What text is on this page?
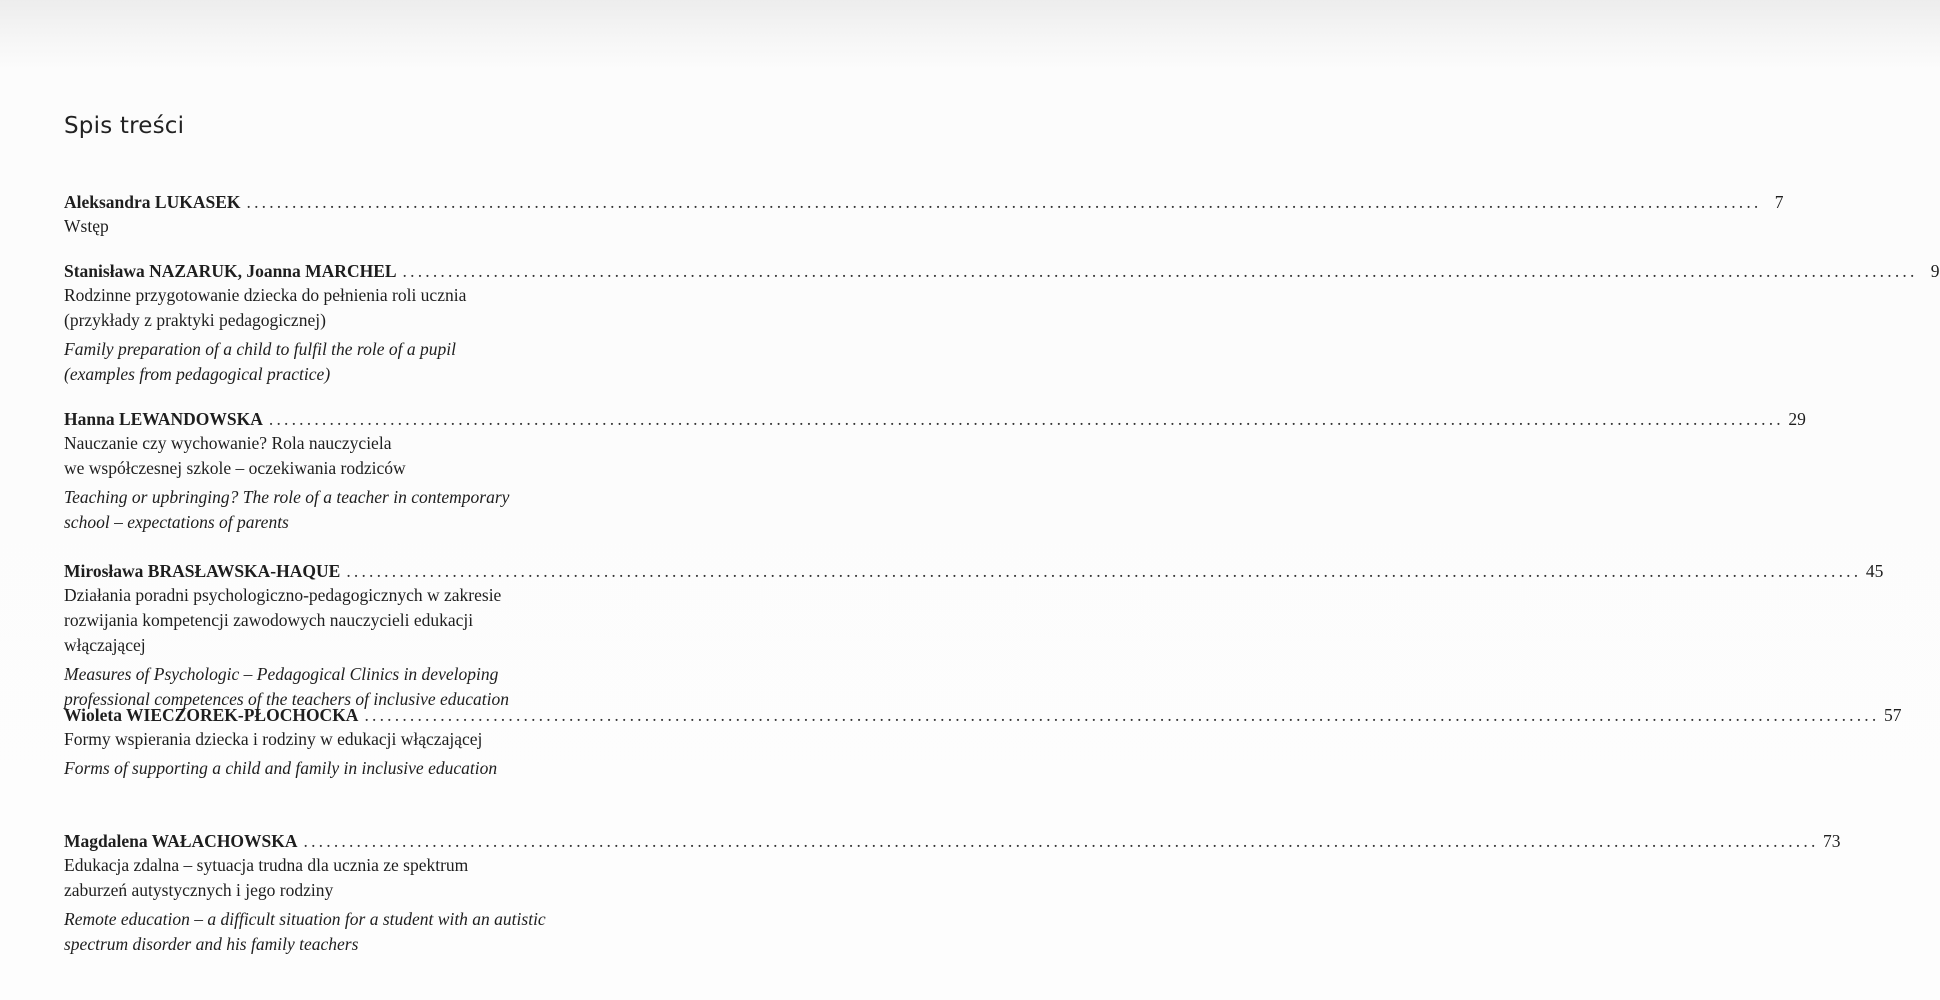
Spis treści
Aleksandra LUKASEK ........................................................................................................................................................................................................ 7
Wstęp
Stanisława NAZARUK, Joanna MARCHEL ........................................................................................................................................................................................................ 9
Rodzinne przygotowanie dziecka do pełnienia roli ucznia
(przykłady z praktyki pedagogicznej)
Family preparation of a child to fulfil the role of a pupil
(examples from pedagogical practice)
Hanna LEWANDOWSKA ........................................................................................................................................................................................................ 29
Nauczanie czy wychowanie? Rola nauczyciela
we współczesnej szkole – oczekiwania rodziców
Teaching or upbringing? The role of a teacher in contemporary
school – expectations of parents
Mirosława BRASŁAWSKA-HAQUE ........................................................................................................................................................................................................ 45
Działania poradni psychologiczno-pedagogicznych w zakresie
rozwijania kompetencji zawodowych nauczycieli edukacji
włączającej
Measures of Psychologic – Pedagogical Clinics in developing
professional competences of the teachers of inclusive education
Wioleta WIECZOREK-PŁOCHOCKA ........................................................................................................................................................................................................ 57
Formy wspierania dziecka i rodziny w edukacji włączającej
Forms of supporting a child and family in inclusive education
Magdalena WAŁACHOWSKA ........................................................................................................................................................................................................ 73
Edukacja zdalna – sytuacja trudna dla ucznia ze spektrum
zaburzeń autystycznych i jego rodziny
Remote education – a difficult situation for a student with an autistic
spectrum disorder and his family teachers
